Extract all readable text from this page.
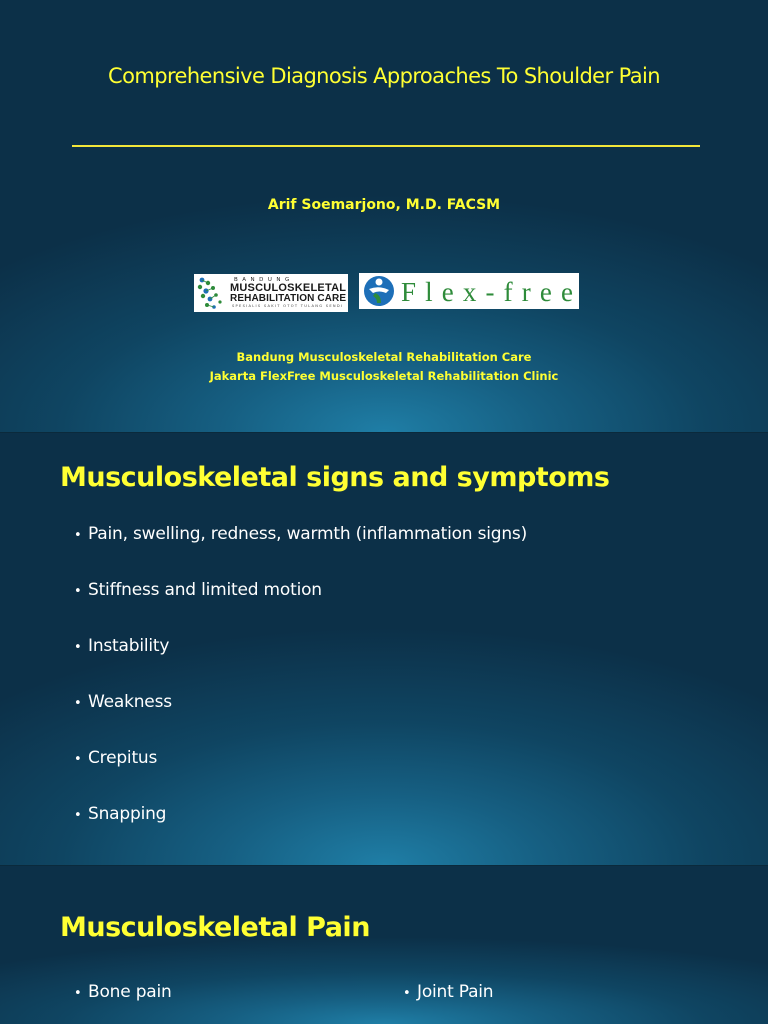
Comprehensive Diagnosis Approaches To Shoulder Pain
Arif Soemarjono, M.D. FACSM
BANDUNG
MUSCULOSKELETAL
REHABILITATION CARE
SPESIALIS SAKIT OTOT TULANG SENDI Flex-free
Bandung Musculoskeletal Rehabilitation Care
Jakarta FlexFree Musculoskeletal Rehabilitation Clinic
Musculoskeletal signs and symptoms
• Pain, swelling, redness, warmth (inflammation signs)
• Stiffness and limited motion
• Instability
• Weakness
• Crepitus
• Snapping
Musculoskeletal Pain
• Bone pain	• Joint Pain
